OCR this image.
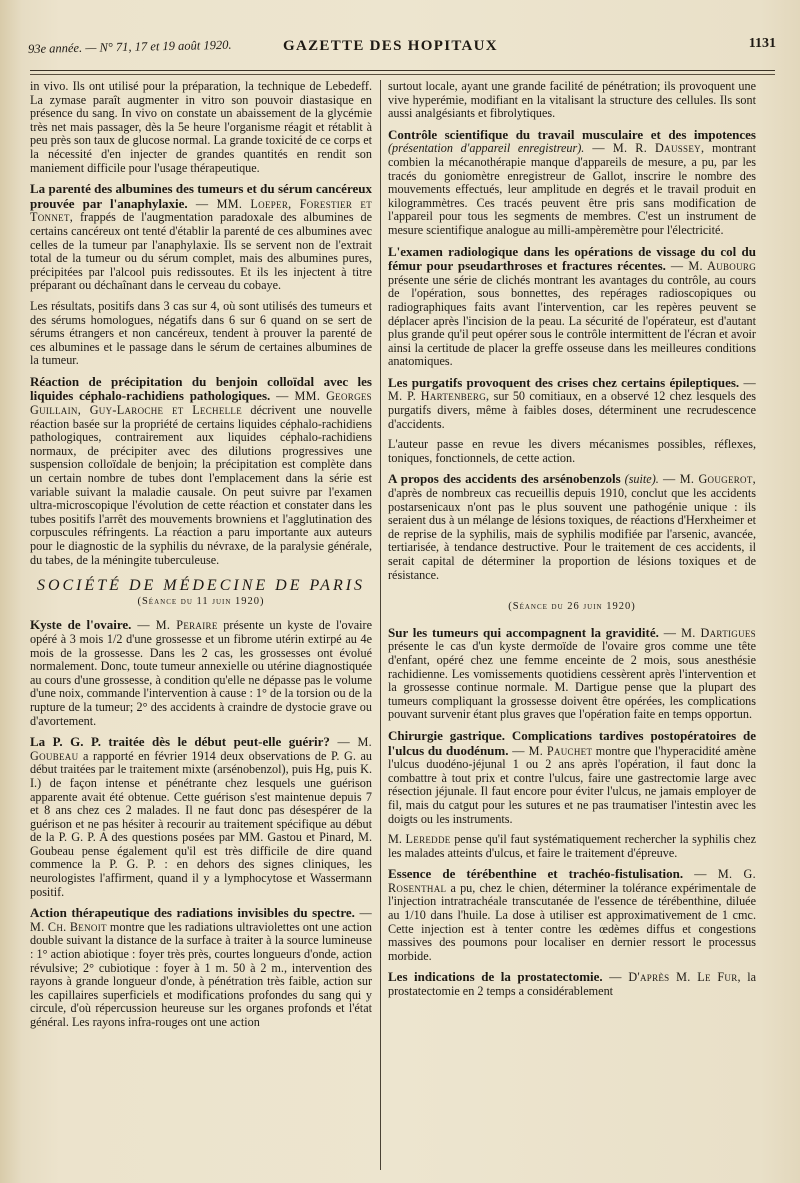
93e année. — N° 71, 17 et 19 août 1920.	GAZETTE DES HOPITAUX	1131

in vivo. Ils ont utilisé pour la préparation, la technique de Lebedeff. La zymase paraît augmenter in vitro son pouvoir diastasique en présence du sang. In vivo on constate un abaissement de la glycémie très net mais passager, dès la 5e heure l'organisme réagit et rétablit à peu près son taux de glucose normal. La grande toxicité de ce corps et la nécessité d'en injecter de grandes quantités en rendit son maniement difficile pour l'usage thérapeutique.

La parenté des albumines des tumeurs et du sérum cancéreux prouvée par l'anaphylaxie. — MM. Loeper, Forestier et Tonnet, frappés de l'augmentation paradoxale des albumines de certains cancéreux ont tenté d'établir la parenté de ces albumines avec celles de la tumeur par l'anaphylaxie. Ils se servent non de l'extrait total de la tumeur ou du sérum complet, mais des albumines pures, précipitées par l'alcool puis redissoutes. Et ils les injectent à titre préparant ou déchaînant dans le cerveau du cobaye.

Les résultats, positifs dans 3 cas sur 4, où sont utilisés des tumeurs et des sérums homologues, négatifs dans 6 sur 6 quand on se sert de sérums étrangers et non cancéreux, tendent à prouver la parenté de ces albumines et le passage dans le sérum de certaines albumines de la tumeur.

Réaction de précipitation du benjoin colloïdal avec les liquides céphalo-rachidiens pathologiques. — MM. Georges Guillain, Guy-Laroche et Lechelle décrivent une nouvelle réaction basée sur la propriété de certains liquides céphalo-rachidiens pathologiques, contrairement aux liquides céphalo-rachidiens normaux, de précipiter avec des dilutions progressives une suspension colloïdale de benjoin; la précipitation est complète dans un certain nombre de tubes dont l'emplacement dans la série est variable suivant la maladie causale. On peut suivre par l'examen ultra-microscopique l'évolution de cette réaction et constater dans les tubes positifs l'arrêt des mouvements browniens et l'agglutination des corpuscules réfringents. La réaction a paru importante aux auteurs pour le diagnostic de la syphilis du névraxe, de la paralysie générale, du tabes, de la méningite tuberculeuse.

SOCIÉTÉ DE MÉDECINE DE PARIS
(Séance du 11 juin 1920)

Kyste de l'ovaire. — M. Peraire présente un kyste de l'ovaire opéré à 3 mois 1/2 d'une grossesse et un fibrome utérin extirpé au 4e mois de la grossesse. Dans les 2 cas, les grossesses ont évolué normalement. Donc, toute tumeur annexielle ou utérine diagnostiquée au cours d'une grossesse, à condition qu'elle ne dépasse pas le volume d'une noix, commande l'intervention à cause : 1° de la torsion ou de la rupture de la tumeur; 2° des accidents à craindre de dystocie grave ou d'avortement.

La P. G. P. traitée dès le début peut-elle guérir? — M. Goubeau a rapporté en février 1914 deux observations de P. G. au début traitées par le traitement mixte (arsénobenzol), puis Hg, puis K. I.) de façon intense et pénétrante chez lesquels une guérison apparente avait été obtenue. Cette guérison s'est maintenue depuis 7 et 8 ans chez ces 2 malades. Il ne faut donc pas désespérer de la guérison et ne pas hésiter à recourir au traitement spécifique au début de la P. G. P. A des questions posées par MM. Gastou et Pinard, M. Goubeau pense également qu'il est très difficile de dire quand commence la P. G. P. : en dehors des signes cliniques, les neurologistes l'affirment, quand il y a lymphocytose et Wassermann positif.

Action thérapeutique des radiations invisibles du spectre. — M. Ch. Benoit montre que les radiations ultraviolettes ont une action double suivant la distance de la surface à traiter à la source lumineuse : 1° action abiotique : foyer très près, courtes longueurs d'onde, action révulsive; 2° cubiotique : foyer à 1 m. 50 à 2 m., intervention des rayons à grande longueur d'onde, à pénétration très faible, action sur les capillaires superficiels et modifications profondes du sang qui y circule, d'où répercussion heureuse sur les organes profonds et l'état général. Les rayons infra-rouges ont une action

surtout locale, ayant une grande facilité de pénétration; ils provoquent une vive hyperémie, modifiant en la vitalisant la structure des cellules. Ils sont aussi analgésiants et fibrolytiques.

Contrôle scientifique du travail musculaire et des impotences (présentation d'appareil enregistreur). — M. R. Daussey, montrant combien la mécanothérapie manque d'appareils de mesure, a pu, par les tracés du goniomètre enregistreur de Gallot, inscrire le nombre des mouvements effectués, leur amplitude en degrés et le travail produit en kilogrammètres. Ces tracés peuvent être pris sans modification de l'appareil pour tous les segments de membres. C'est un instrument de mesure scientifique analogue au milli-ampèremètre pour l'électricité.

L'examen radiologique dans les opérations de vissage du col du fémur pour pseudarthroses et fractures récentes. — M. Aubourg présente une série de clichés montrant les avantages du contrôle, au cours de l'opération, sous bonnettes, des repérages radioscopiques ou radiographiques faits avant l'intervention, car les repères peuvent se déplacer après l'incision de la peau. La sécurité de l'opérateur, est d'autant plus grande qu'il peut opérer sous le contrôle intermittent de l'écran et avoir ainsi la certitude de placer la greffe osseuse dans les meilleures conditions anatomiques.

Les purgatifs provoquent des crises chez certains épileptiques. — M. P. Hartenberg, sur 50 comitiaux, en a observé 12 chez lesquels des purgatifs divers, même à faibles doses, déterminent une recrudescence d'accidents.

L'auteur passe en revue les divers mécanismes possibles, réflexes, toniques, fonctionnels, de cette action.

A propos des accidents des arsénobenzols (suite). — M. Gougerot, d'après de nombreux cas recueillis depuis 1910, conclut que les accidents postarsenicaux n'ont pas le plus souvent une pathogénie unique : ils seraient dus à un mélange de lésions toxiques, de réactions d'Herxheimer et de reprise de la syphilis, mais de syphilis modifiée par l'arsenic, avancée, tertiarisée, à tendance destructive. Pour le traitement de ces accidents, il serait capital de déterminer la proportion de lésions toxiques et de résistance.

(Séance du 26 juin 1920)

Sur les tumeurs qui accompagnent la gravidité. — M. Dartigues présente le cas d'un kyste dermoïde de l'ovaire gros comme une tête d'enfant, opéré chez une femme enceinte de 2 mois, sous anesthésie rachidienne. Les vomissements quotidiens cessèrent après l'intervention et la grossesse continue normale. M. Dartigue pense que la plupart des tumeurs compliquant la grossesse doivent être opérées, les complications pouvant survenir étant plus graves que l'opération faite en temps opportun.

Chirurgie gastrique. Complications tardives postopératoires de l'ulcus du duodénum. — M. Pauchet montre que l'hyperacidité amène l'ulcus duodéno-jéjunal 1 ou 2 ans après l'opération, il faut donc la combattre à tout prix et contre l'ulcus, faire une gastrectomie large avec résection jéjunale. Il faut encore pour éviter l'ulcus, ne jamais employer de fil, mais du catgut pour les sutures et ne pas traumatiser l'intestin avec les doigts ou les instruments.

M. Leredde pense qu'il faut systématiquement rechercher la syphilis chez les malades atteints d'ulcus, et faire le traitement d'épreuve.

Essence de térébenthine et trachéo-fistulisation. — M. G. Rosenthal a pu, chez le chien, déterminer la tolérance expérimentale de l'injection intratrachéale transcutanée de l'essence de térébenthine, diluée au 1/10 dans l'huile. La dose à utiliser est approximativement de 1 cmc. Cette injection est à tenter contre les œdèmes diffus et congestions massives des poumons pour localiser en dernier ressort le processus morbide.

Les indications de la prostatectomie. — D'après M. Le Fur, la prostatectomie en 2 temps a considérablement
